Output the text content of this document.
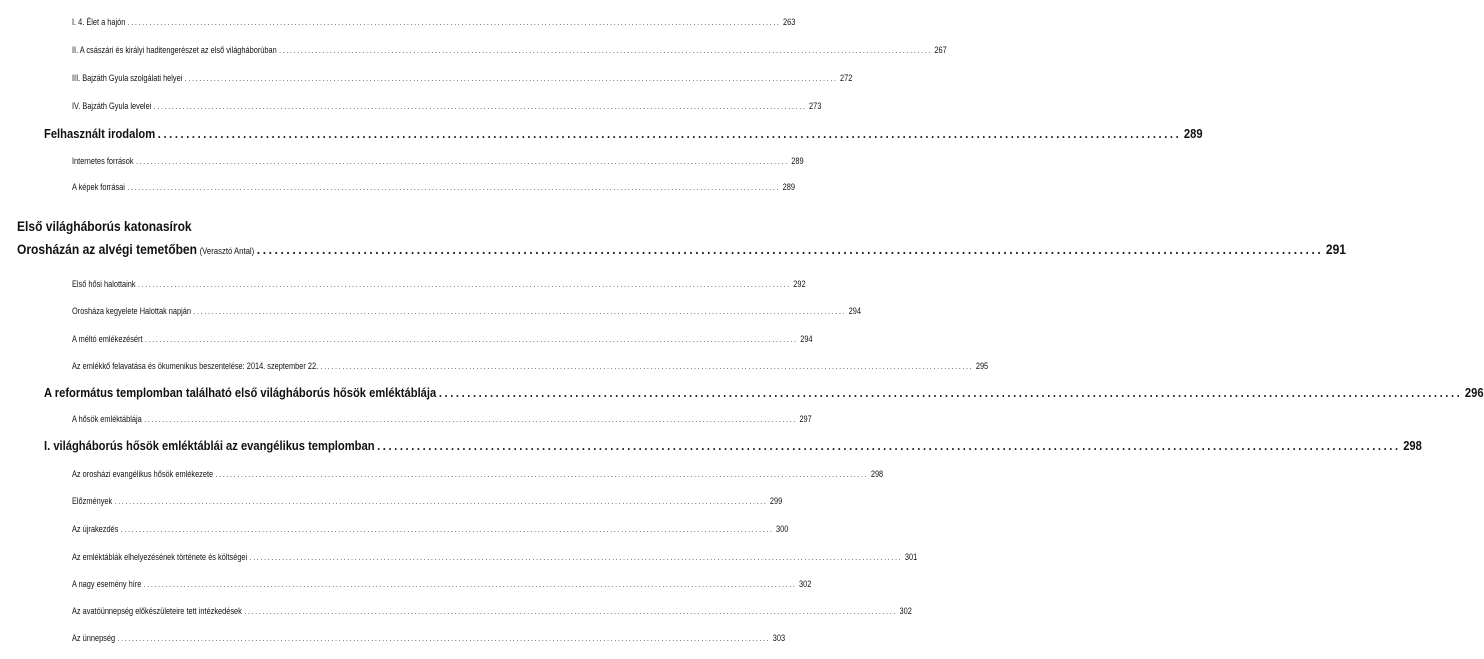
I. 4. Élet a hajón .................................................................................................................................................................................... 263
II. A császári és királyi haditengerészet az első világháborúban .................................................................................................................................................................................... 267
III. Bajzáth Gyula szolgálati helyei .................................................................................................................................................................................... 272
IV. Bajzáth Gyula levelei .................................................................................................................................................................................... 273
Felhasznált irodalom .................................................................................................................................................................................... 289
Internetes források .................................................................................................................................................................................... 289
A képek forrásai .................................................................................................................................................................................... 289
Első világháborús katonasírok
Orosházán az alvégi temetőben (Verasztó Antal) .................................................................................................................................................................................... 291
Első hősi halottaink .................................................................................................................................................................................... 292
Orosháza kegyelete Halottak napján .................................................................................................................................................................................... 294
A méltó emlékezésért .................................................................................................................................................................................... 294
Az emlékkő felavatása és ökumenikus beszentelése: 2014. szeptember 22. .................................................................................................................................................................................... 295
A református templomban található első világháborús hősök emléktáblája .................................................................................................................................................................................... 296
A hősök emléktáblája .................................................................................................................................................................................... 297
I. világháborús hősök emléktáblái az evangélikus templomban .................................................................................................................................................................................... 298
Az orosházi evangélikus hősök emlékezete .................................................................................................................................................................................... 298
Előzmények .................................................................................................................................................................................... 299
Az újrakezdés .................................................................................................................................................................................... 300
Az emléktáblák elhelyezésének története és költségei .................................................................................................................................................................................... 301
A nagy esemény híre .................................................................................................................................................................................... 302
Az avatóünnepség előkészületeire tett intézkedések .................................................................................................................................................................................... 302
Az ünnepség .................................................................................................................................................................................... 303
